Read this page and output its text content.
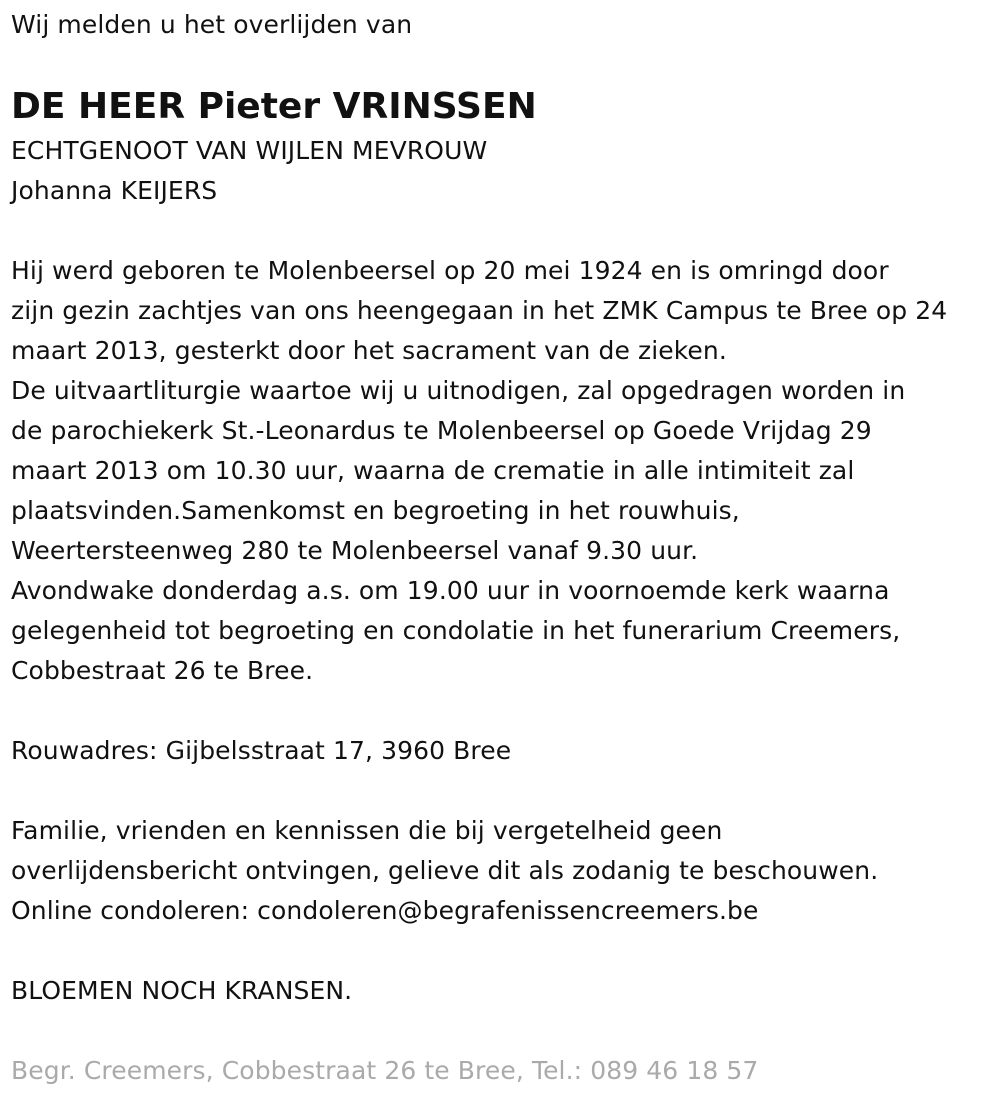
Wij melden u het overlijden van
DE HEER Pieter VRINSSEN
ECHTGENOOT VAN WIJLEN MEVROUW
Johanna KEIJERS
Hij werd geboren te Molenbeersel op 20 mei 1924 en is omringd door
zijn gezin zachtjes van ons heengegaan in het ZMK Campus te Bree op 24
maart 2013, gesterkt door het sacrament van de zieken.
De uitvaartliturgie waartoe wij u uitnodigen, zal opgedragen worden in
de parochiekerk St.-Leonardus te Molenbeersel op Goede Vrijdag 29
maart 2013 om 10.30 uur, waarna de crematie in alle intimiteit zal
plaatsvinden.Samenkomst en begroeting in het rouwhuis,
Weertersteenweg 280 te Molenbeersel vanaf 9.30 uur.
Avondwake donderdag a.s. om 19.00 uur in voornoemde kerk waarna
gelegenheid tot begroeting en condolatie in het funerarium Creemers,
Cobbestraat 26 te Bree.
Rouwadres: Gijbelsstraat 17, 3960 Bree
Familie, vrienden en kennissen die bij vergetelheid geen
overlijdensbericht ontvingen, gelieve dit als zodanig te beschouwen.
Online condoleren: condoleren@begrafenissencreemers.be
BLOEMEN NOCH KRANSEN.
Begr. Creemers, Cobbestraat 26 te Bree, Tel.: 089 46 18 57
